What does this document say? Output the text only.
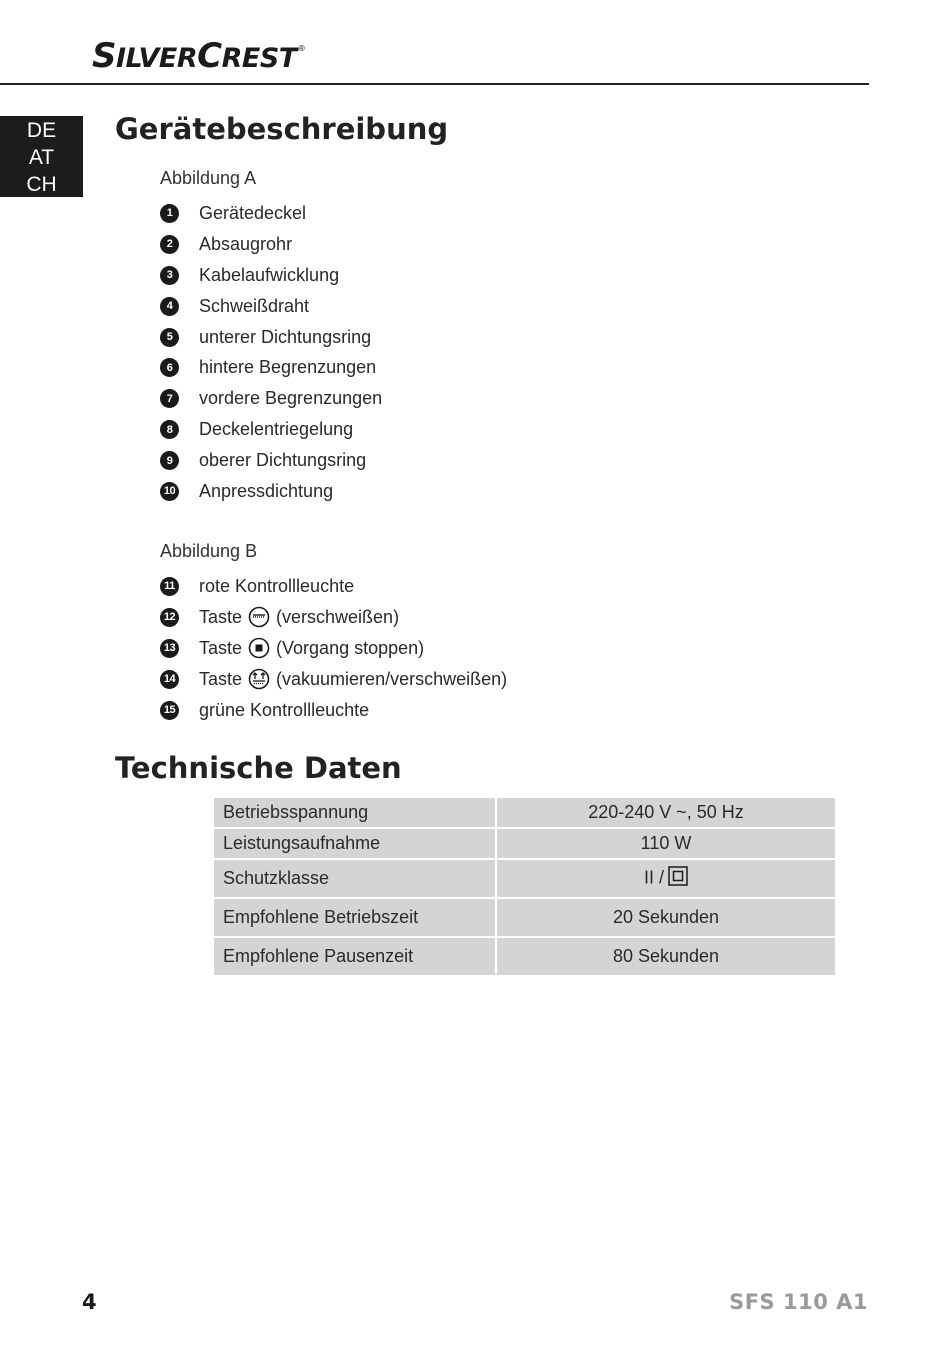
SILVERCREST®
DE
AT
CH
Gerätebeschreibung
Abbildung A
1	Gerätedeckel
2	Absaugrohr
3	Kabelaufwicklung
4	Schweißdraht
5	unterer Dichtungsring
6	hintere Begrenzungen
7	vordere Begrenzungen
8	Deckelentriegelung
9	oberer Dichtungsring
10 Anpressdichtung
Abbildung B
11 rote Kontrollleuchte
12 Taste (verschweißen)
13 Taste (Vorgang stoppen)
14 Taste (vakuumieren/verschweißen)
15 grüne Kontrollleuchte
Technische Daten
Betriebsspannung	220-240 V ~, 50 Hz
Leistungsaufnahme	110 W
Schutzklasse	II /
Empfohlene Betriebszeit	20 Sekunden
Empfohlene Pausenzeit	80 Sekunden
4	SFS 110 A1
